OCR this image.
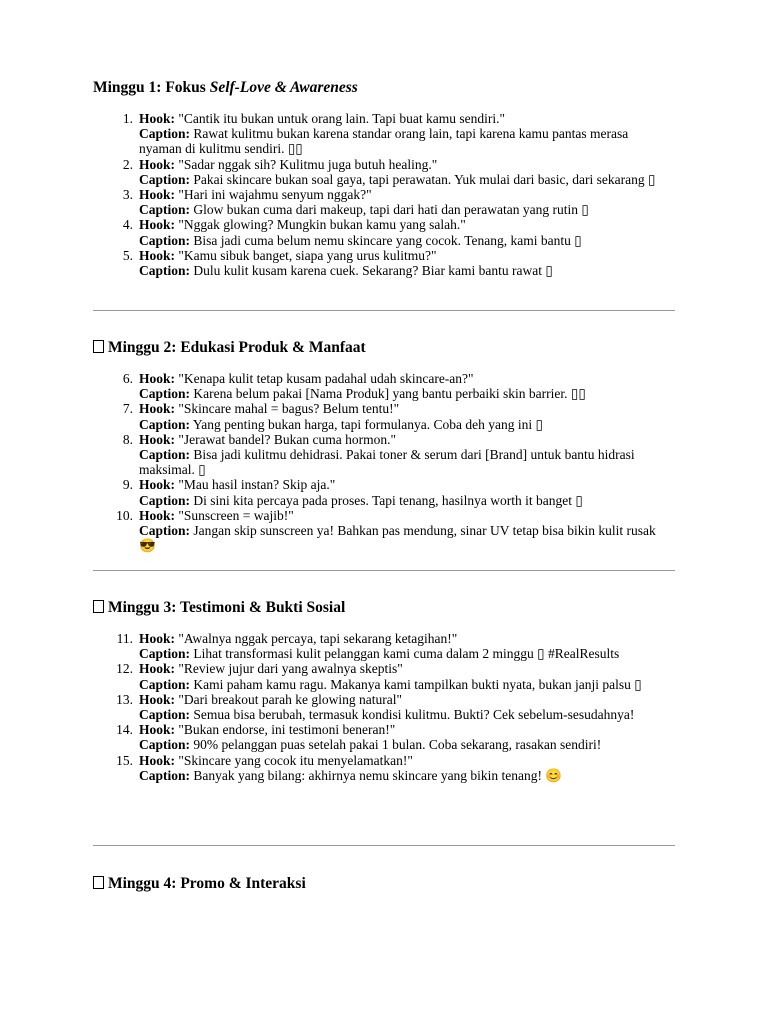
Minggu 1: Fokus Self-Love & Awareness
1. Hook: "Cantik itu bukan untuk orang lain. Tapi buat kamu sendiri."
Caption: Rawat kulitmu bukan karena standar orang lain, tapi karena kamu pantas merasa nyaman di kulitmu sendiri. ▯▯
2. Hook: "Sadar nggak sih? Kulitmu juga butuh healing."
Caption: Pakai skincare bukan soal gaya, tapi perawatan. Yuk mulai dari basic, dari sekarang ▯
3. Hook: "Hari ini wajahmu senyum nggak?"
Caption: Glow bukan cuma dari makeup, tapi dari hati dan perawatan yang rutin ▯
4. Hook: "Nggak glowing? Mungkin bukan kamu yang salah."
Caption: Bisa jadi cuma belum nemu skincare yang cocok. Tenang, kami bantu ▯
5. Hook: "Kamu sibuk banget, siapa yang urus kulitmu?"
Caption: Dulu kulit kusam karena cuek. Sekarang? Biar kami bantu rawat ▯
Minggu 2: Edukasi Produk & Manfaat
6. Hook: "Kenapa kulit tetap kusam padahal udah skincare-an?"
Caption: Karena belum pakai [Nama Produk] yang bantu perbaiki skin barrier. ▯▯
7. Hook: "Skincare mahal = bagus? Belum tentu!"
Caption: Yang penting bukan harga, tapi formulanya. Coba deh yang ini ▯
8. Hook: "Jerawat bandel? Bukan cuma hormon."
Caption: Bisa jadi kulitmu dehidrasi. Pakai toner & serum dari [Brand] untuk bantu hidrasi maksimal. ▯
9. Hook: "Mau hasil instan? Skip aja."
Caption: Di sini kita percaya pada proses. Tapi tenang, hasilnya worth it banget ▯
10. Hook: "Sunscreen = wajib!"
Caption: Jangan skip sunscreen ya! Bahkan pas mendung, sinar UV tetap bisa bikin kulit rusak 😎
Minggu 3: Testimoni & Bukti Sosial
11. Hook: "Awalnya nggak percaya, tapi sekarang ketagihan!"
Caption: Lihat transformasi kulit pelanggan kami cuma dalam 2 minggu ▯ #RealResults
12. Hook: "Review jujur dari yang awalnya skeptis"
Caption: Kami paham kamu ragu. Makanya kami tampilkan bukti nyata, bukan janji palsu ▯
13. Hook: "Dari breakout parah ke glowing natural"
Caption: Semua bisa berubah, termasuk kondisi kulitmu. Bukti? Cek sebelum-sesudahnya!
14. Hook: "Bukan endorse, ini testimoni beneran!"
Caption: 90% pelanggan puas setelah pakai 1 bulan. Coba sekarang, rasakan sendiri!
15. Hook: "Skincare yang cocok itu menyelamatkan!"
Caption: Banyak yang bilang: akhirnya nemu skincare yang bikin tenang! 😊
Minggu 4: Promo & Interaksi
